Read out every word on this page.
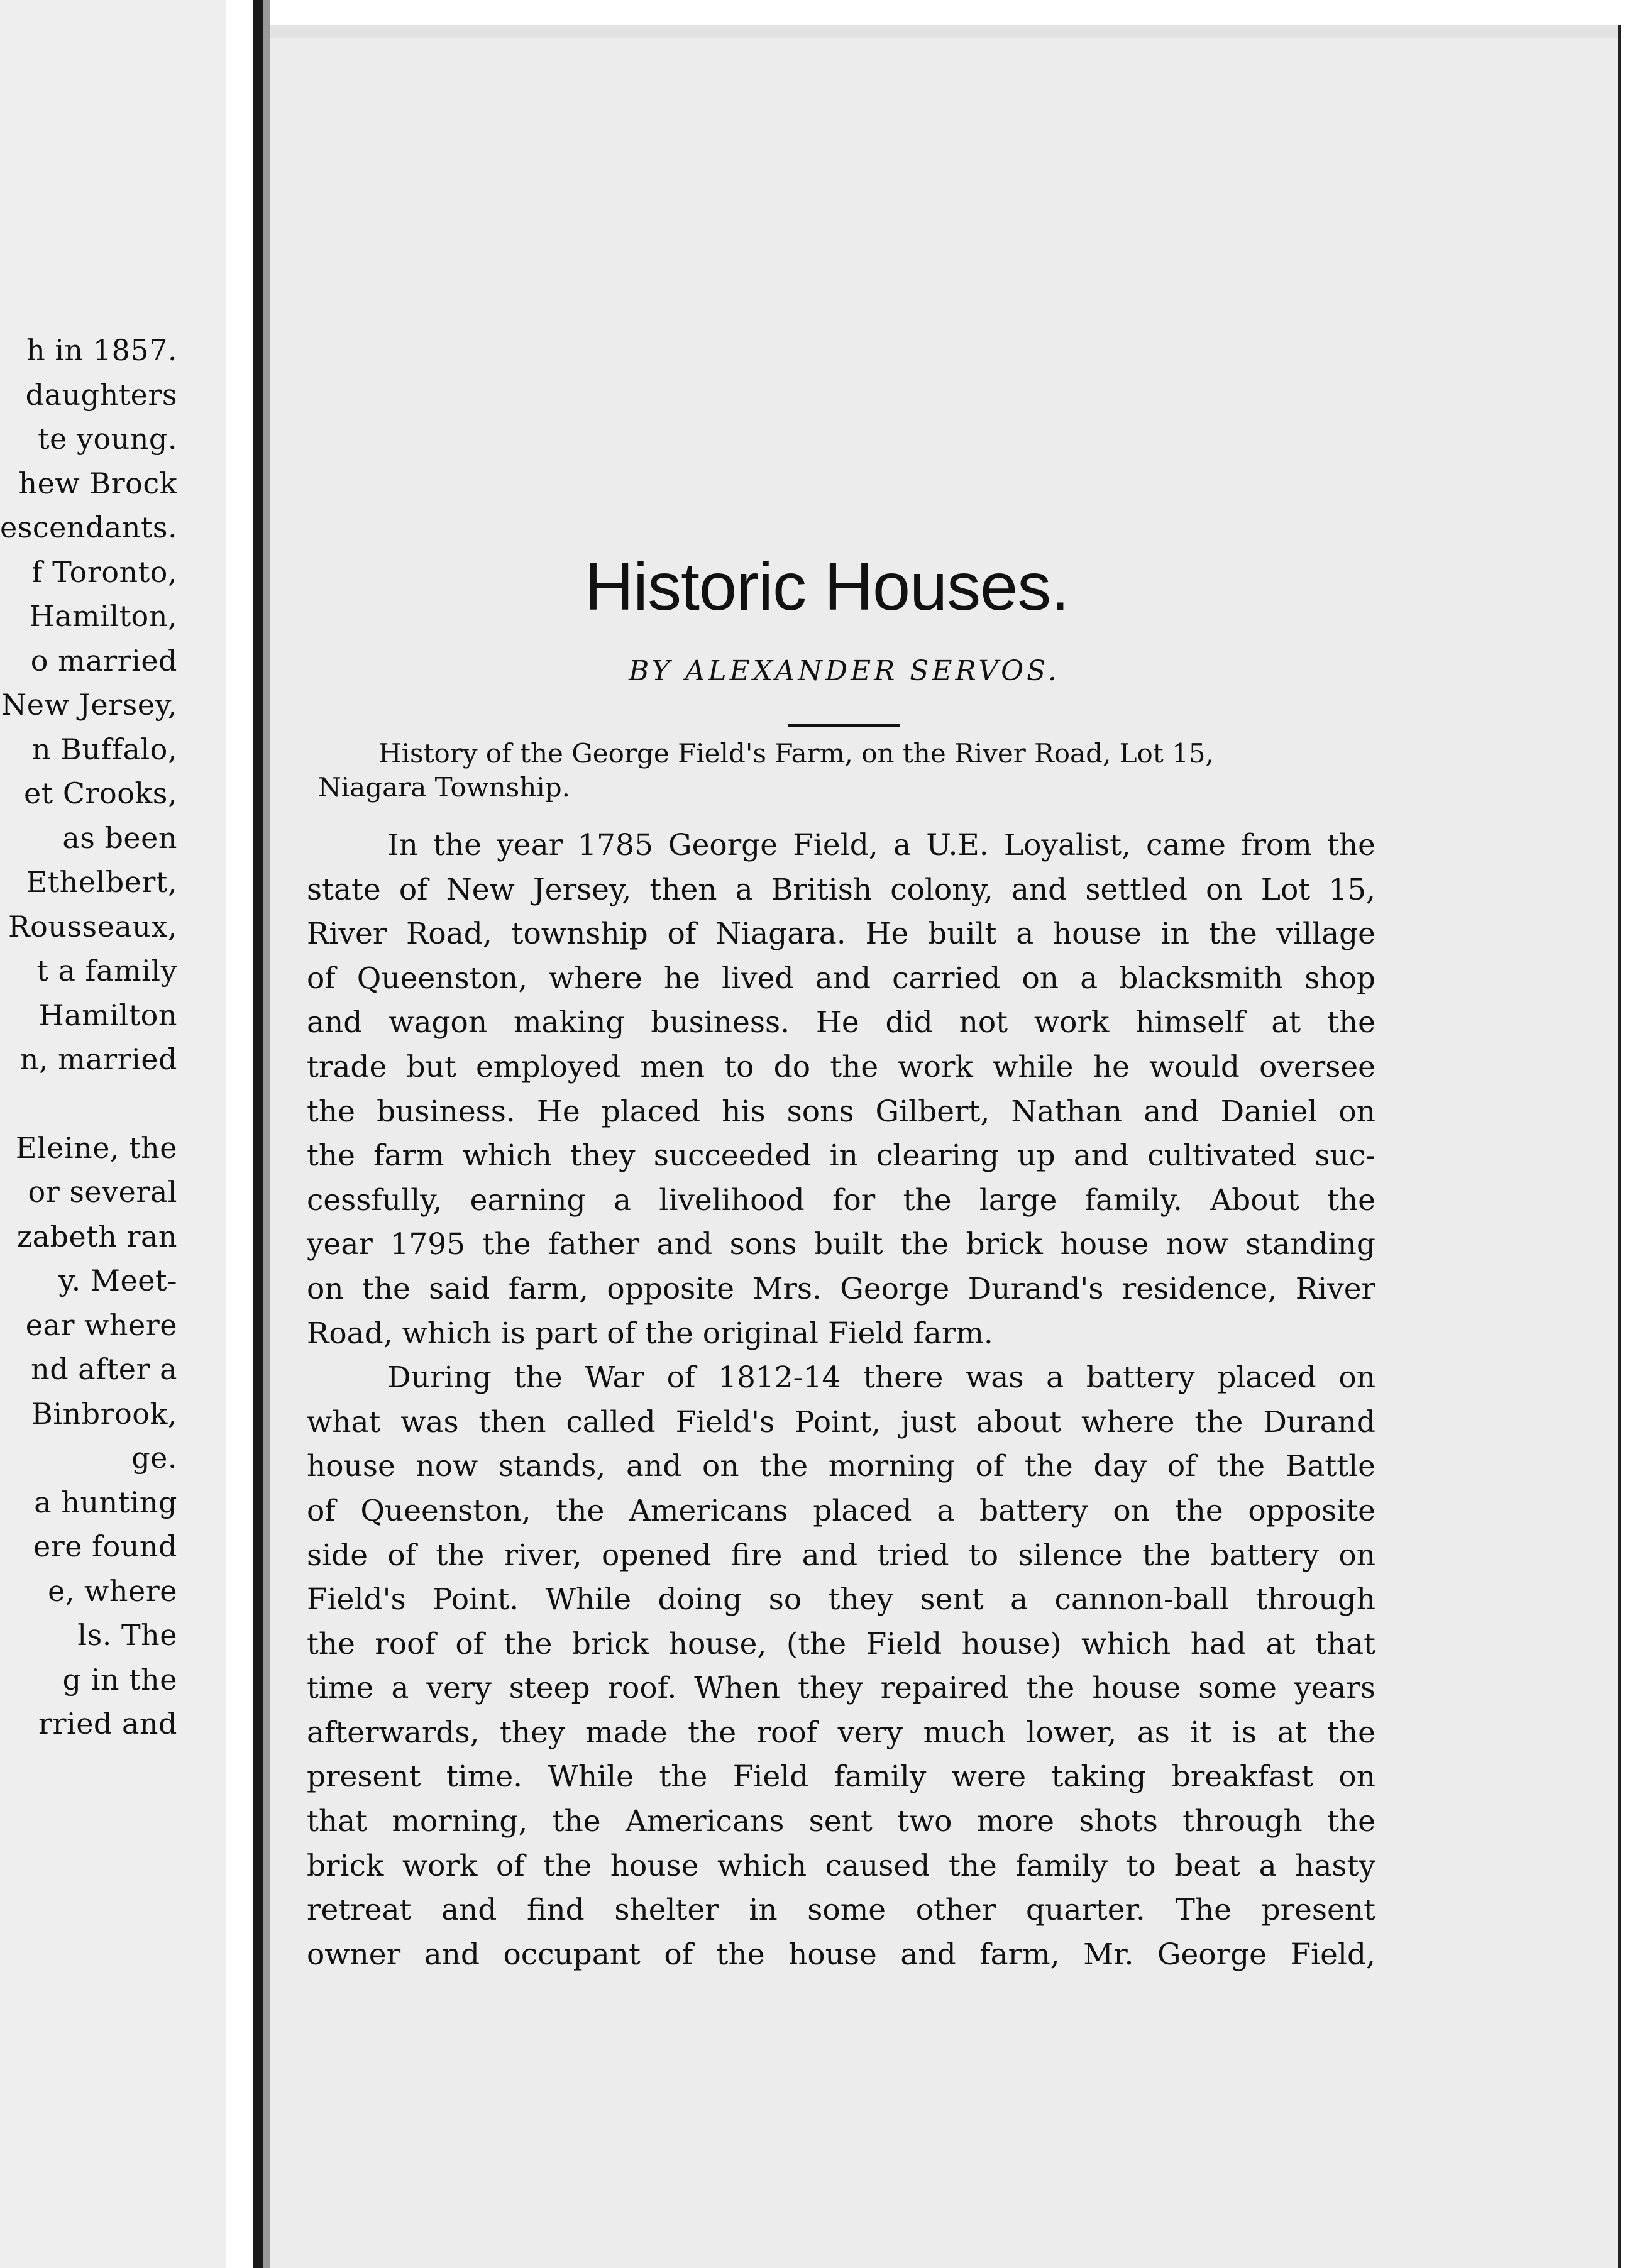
h in 1857.
daughters
te young.
hew Brock
escendants.
f Toronto,
Hamilton,
o married
New Jersey,
n Buffalo,
et Crooks,
as been
Ethelbert,
Rousseaux,
t a family
Hamilton
n, married
Eleine, the
or several
zabeth ran
y. Meet-
ear where
nd after a
Binbrook,
ge.
a hunting
ere found
e, where
ls. The
g in the
rried and
Historic Houses.

BY ALEXANDER SERVOS.

History of the George Field's Farm, on the River Road, Lot 15,
Niagara Township.
In the year 1785 George Field, a U.E. Loyalist, came from the
state of New Jersey, then a British colony, and settled on Lot 15,
River Road, township of Niagara. He built a house in the village
of Queenston, where he lived and carried on a blacksmith shop
and wagon making business. He did not work himself at the
trade but employed men to do the work while he would oversee
the business. He placed his sons Gilbert, Nathan and Daniel on
the farm which they succeeded in clearing up and cultivated suc-
cessfully, earning a livelihood for the large family. About the
year 1795 the father and sons built the brick house now standing
on the said farm, opposite Mrs. George Durand's residence, River
Road, which is part of the original Field farm.
During the War of 1812-14 there was a battery placed on
what was then called Field's Point, just about where the Durand
house now stands, and on the morning of the day of the Battle
of Queenston, the Americans placed a battery on the opposite
side of the river, opened fire and tried to silence the battery on
Field's Point. While doing so they sent a cannon-ball through
the roof of the brick house, (the Field house) which had at that
time a very steep roof. When they repaired the house some years
afterwards, they made the roof very much lower, as it is at the
present time. While the Field family were taking breakfast on
that morning, the Americans sent two more shots through the
brick work of the house which caused the family to beat a hasty
retreat and find shelter in some other quarter. The present
owner and occupant of the house and farm, Mr. George Field,
